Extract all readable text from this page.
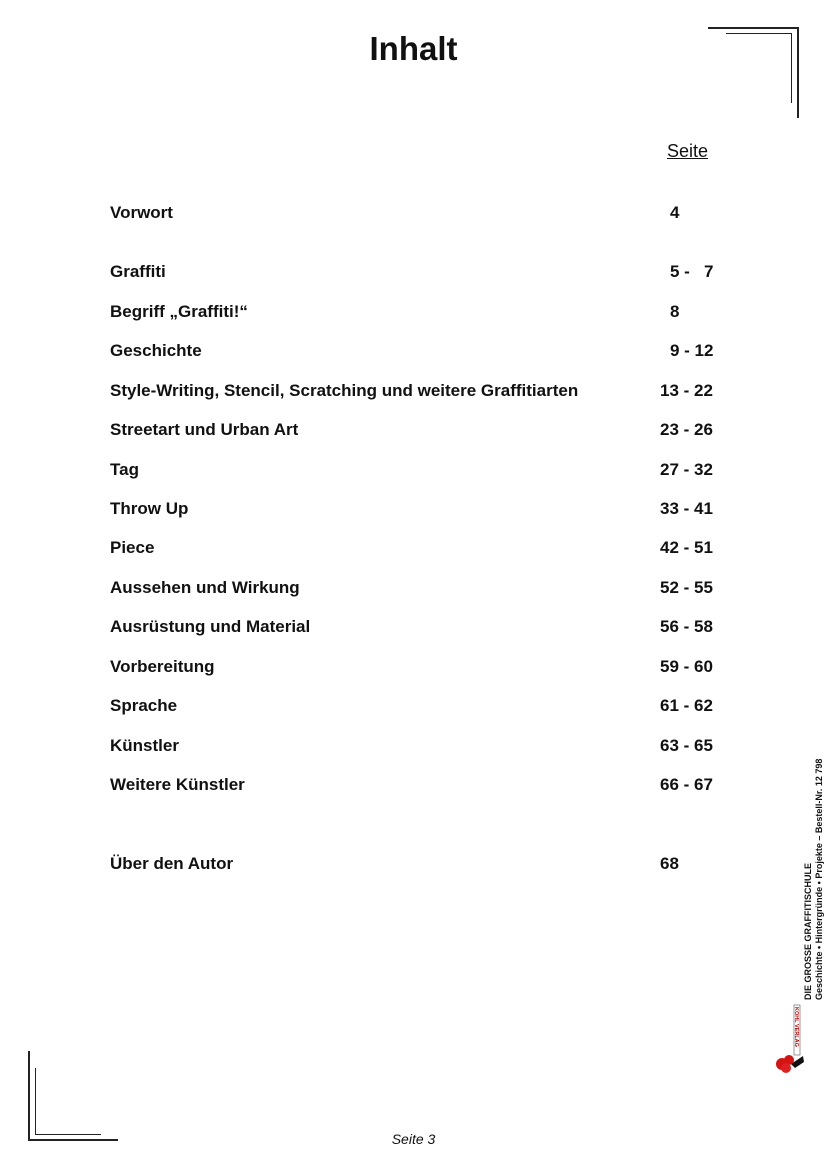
Inhalt
Seite
Vorwort	4
Graffiti	5 -   7
Begriff „Graffiti!“	8
Geschichte	9 - 12
Style-Writing, Stencil, Scratching und weitere Graffitiarten	13 - 22
Streetart und Urban Art	23 - 26
Tag	27 - 32
Throw Up	33 - 41
Piece	42 - 51
Aussehen und Wirkung	52 - 55
Ausrüstung und Material	56 - 58
Vorbereitung	59 - 60
Sprache	61 - 62
Künstler	63 - 65
Weitere Künstler	66 - 67
Über den Autor	68	DIE GROSSE GRAFFITISCHULE Geschichte • Hintergründe • Projekte – Bestell-Nr. 12 798
KOHL VERLAG
Seite 3
